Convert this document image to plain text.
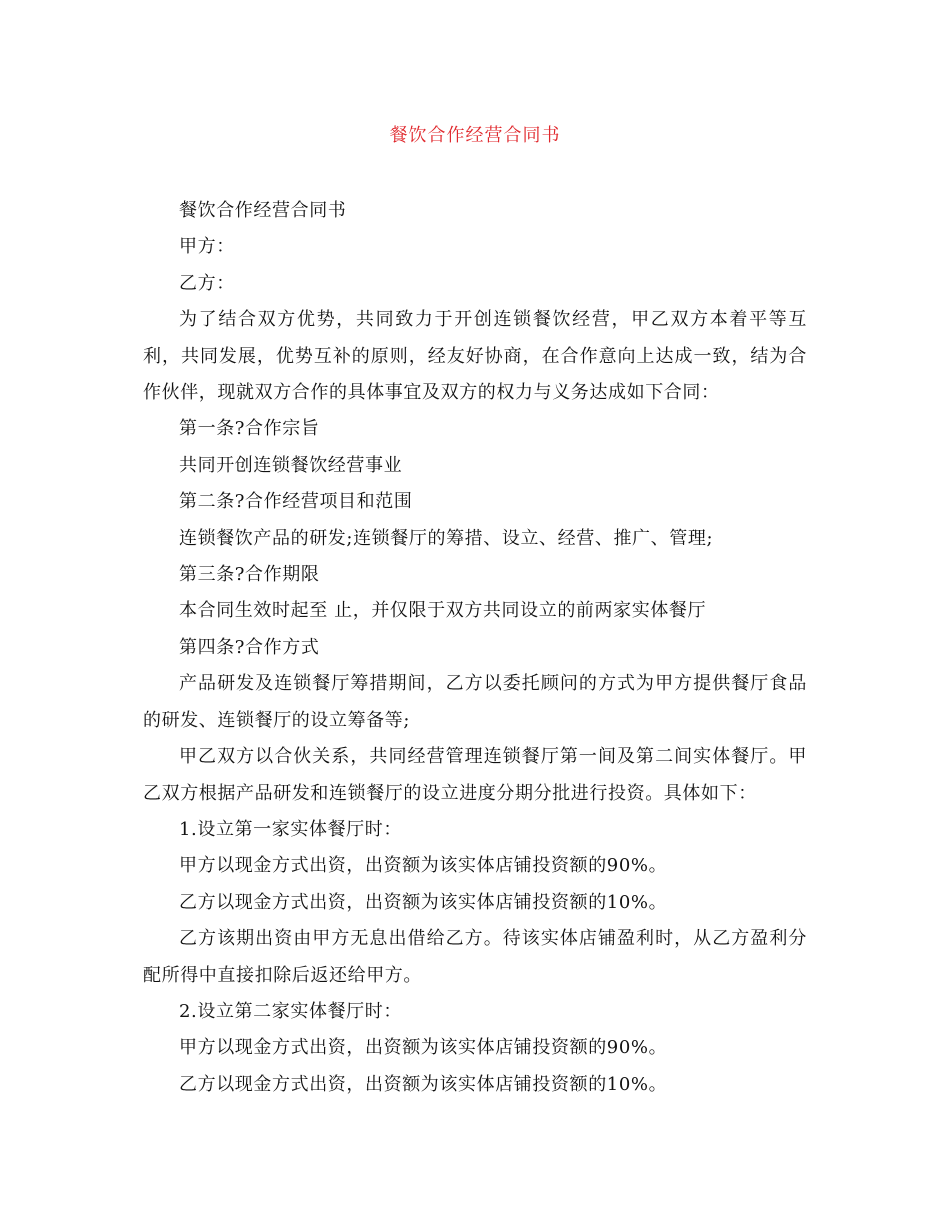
餐饮合作经营合同书

餐饮合作经营合同书

甲方：

乙方：

为了结合双方优势，共同致力于开创连锁餐饮经营，甲乙双方本着平等互利，共同发展，优势互补的原则，经友好协商，在合作意向上达成一致，结为合作伙伴，现就双方合作的具体事宜及双方的权力与义务达成如下合同：

第一条?合作宗旨

共同开创连锁餐饮经营事业

第二条?合作经营项目和范围

连锁餐饮产品的研发;连锁餐厅的筹措、设立、经营、推广、管理;

第三条?合作期限

本合同生效时起至 止，并仅限于双方共同设立的前两家实体餐厅

第四条?合作方式

产品研发及连锁餐厅筹措期间，乙方以委托顾问的方式为甲方提供餐厅食品的研发、连锁餐厅的设立筹备等;

甲乙双方以合伙关系，共同经营管理连锁餐厅第一间及第二间实体餐厅。甲乙双方根据产品研发和连锁餐厅的设立进度分期分批进行投资。具体如下：

1.设立第一家实体餐厅时：

甲方以现金方式出资，出资额为该实体店铺投资额的90%。

乙方以现金方式出资，出资额为该实体店铺投资额的10%。

乙方该期出资由甲方无息出借给乙方。待该实体店铺盈利时，从乙方盈利分配所得中直接扣除后返还给甲方。

2.设立第二家实体餐厅时：

甲方以现金方式出资，出资额为该实体店铺投资额的90%。

乙方以现金方式出资，出资额为该实体店铺投资额的10%。
